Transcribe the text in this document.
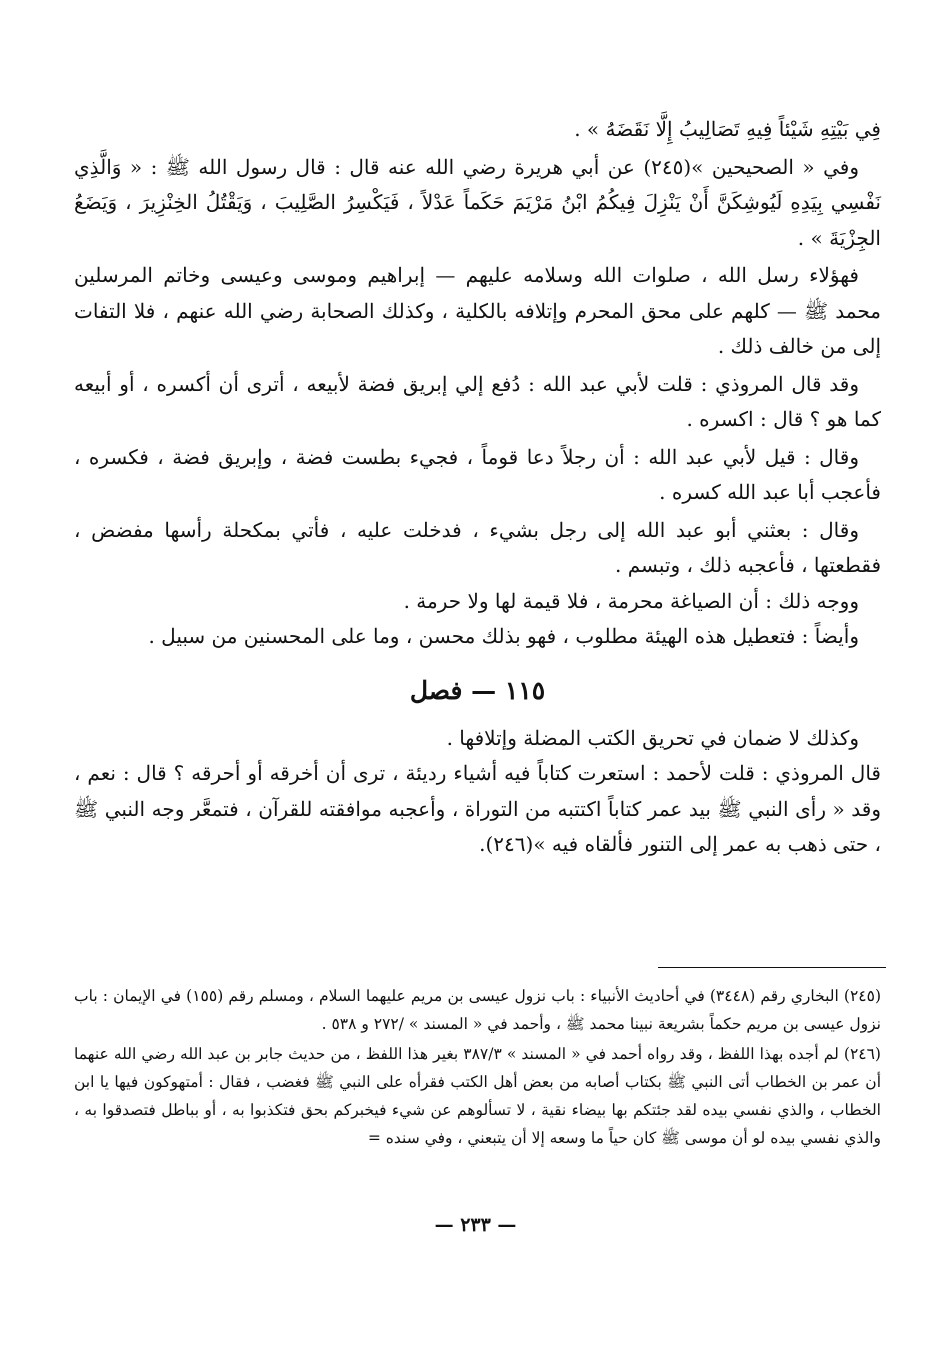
فِي بَيْتِهِ شَيْئاً فِيهِ تَصَالِيبُ إِلَّا نَقَضَهُ » .

وفي « الصحيحين »(٢٤٥) عن أبي هريرة رضي الله عنه قال : قال رسول الله ﷺ : « وَالَّذِي نَفْسِي بِيَدِهِ لَيُوشِكَنَّ أَنْ يَنْزِلَ فِيكُمُ ابْنُ مَرْيَمَ حَكَماً عَدْلاً ، فَيَكْسِرُ الصَّلِيبَ ، وَيَقْتُلُ الخِنْزِيرَ ، وَيَضَعُ الجِزْيَةَ » .

فهؤلاء رسل الله ، صلوات الله وسلامه عليهم — إبراهيم وموسى وعيسى وخاتم المرسلين محمد ﷺ — كلهم على محق المحرم وإتلافه بالكلية ، وكذلك الصحابة رضي الله عنهم ، فلا التفات إلى من خالف ذلك .

وقد قال المروذي : قلت لأبي عبد الله : دُفع إلي إبريق فضة لأبيعه ، أترى أن أكسره ، أو أبيعه كما هو ؟ قال : اكسره .

وقال : قيل لأبي عبد الله : أن رجلاً دعا قوماً ، فجيء بطست فضة ، وإبريق فضة ، فكسره ، فأعجب أبا عبد الله كسره .

وقال : بعثني أبو عبد الله إلى رجل بشيء ، فدخلت عليه ، فأتي بمكحلة رأسها مفضض ، فقطعتها ، فأعجبه ذلك ، وتبسم .

ووجه ذلك : أن الصياغة محرمة ، فلا قيمة لها ولا حرمة .

وأيضاً : فتعطيل هذه الهيئة مطلوب ، فهو بذلك محسن ، وما على المحسنين من سبيل .

١١٥ — فصل

وكذلك لا ضمان في تحريق الكتب المضلة وإتلافها .

قال المروذي : قلت لأحمد : استعرت كتاباً فيه أشياء رديئة ، ترى أن أخرقه أو أحرقه ؟ قال : نعم ، وقد « رأى النبي ﷺ بيد عمر كتاباً اكتتبه من التوراة ، وأعجبه موافقته للقرآن ، فتمعَّر وجه النبي ﷺ ، حتى ذهب به عمر إلى التنور فألقاه فيه »(٢٤٦).

(٢٤٥) البخاري رقم (٣٤٤٨) في أحاديث الأنبياء : باب نزول عيسى بن مريم عليهما السلام ، ومسلم رقم (١٥٥) في الإيمان : باب نزول عيسى بن مريم حكماً بشريعة نبينا محمد ﷺ ، وأحمد في « المسند » /٢٧٢ و ٥٣٨ .

(٢٤٦) لم أجده بهذا اللفظ ، وقد رواه أحمد في « المسند » ٣٨٧/٣ بغير هذا اللفظ ، من حديث جابر بن عبد الله رضي الله عنهما أن عمر بن الخطاب أتى النبي ﷺ بكتاب أصابه من بعض أهل الكتب فقرأه على النبي ﷺ فغضب ، فقال : أمتهوكون فيها يا ابن الخطاب ، والذي نفسي بيده لقد جئتكم بها بيضاء نقية ، لا تسألوهم عن شيء فيخبركم بحق فتكذبوا به ، أو بباطل فتصدقوا به ، والذي نفسي بيده لو أن موسى ﷺ كان حياً ما وسعه إلا أن يتبعني ، وفي سنده =

— ٢٣٣ —
